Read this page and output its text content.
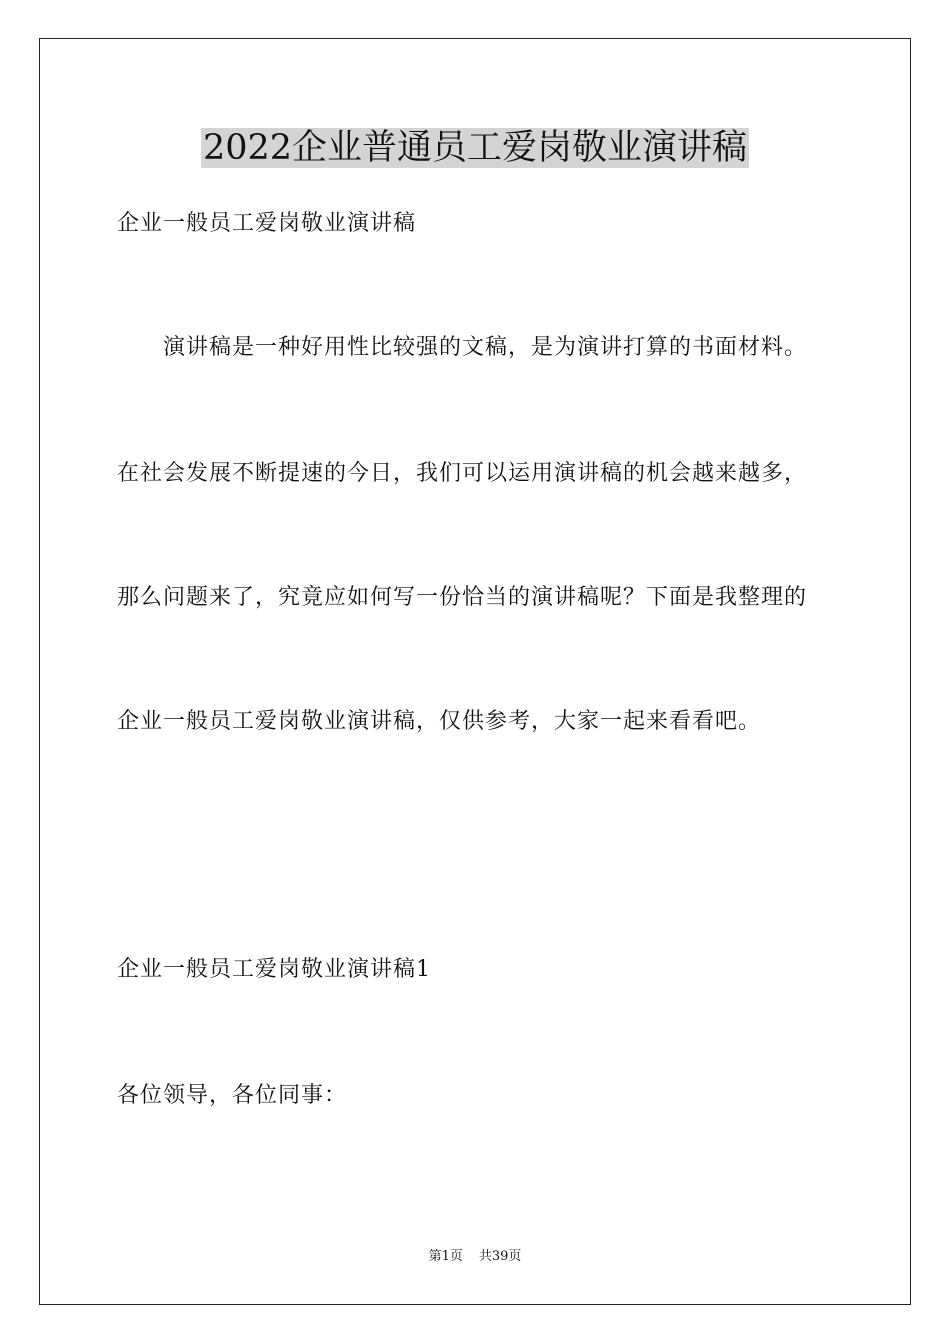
2022企业普通员工爱岗敬业演讲稿
企业一般员工爱岗敬业演讲稿
演讲稿是一种好用性比较强的文稿，是为演讲打算的书面材料。
在社会发展不断提速的今日，我们可以运用演讲稿的机会越来越多，
那么问题来了，究竟应如何写一份恰当的演讲稿呢？下面是我整理的
企业一般员工爱岗敬业演讲稿，仅供参考，大家一起来看看吧。
企业一般员工爱岗敬业演讲稿1
各位领导，各位同事：
第1页 共39页
